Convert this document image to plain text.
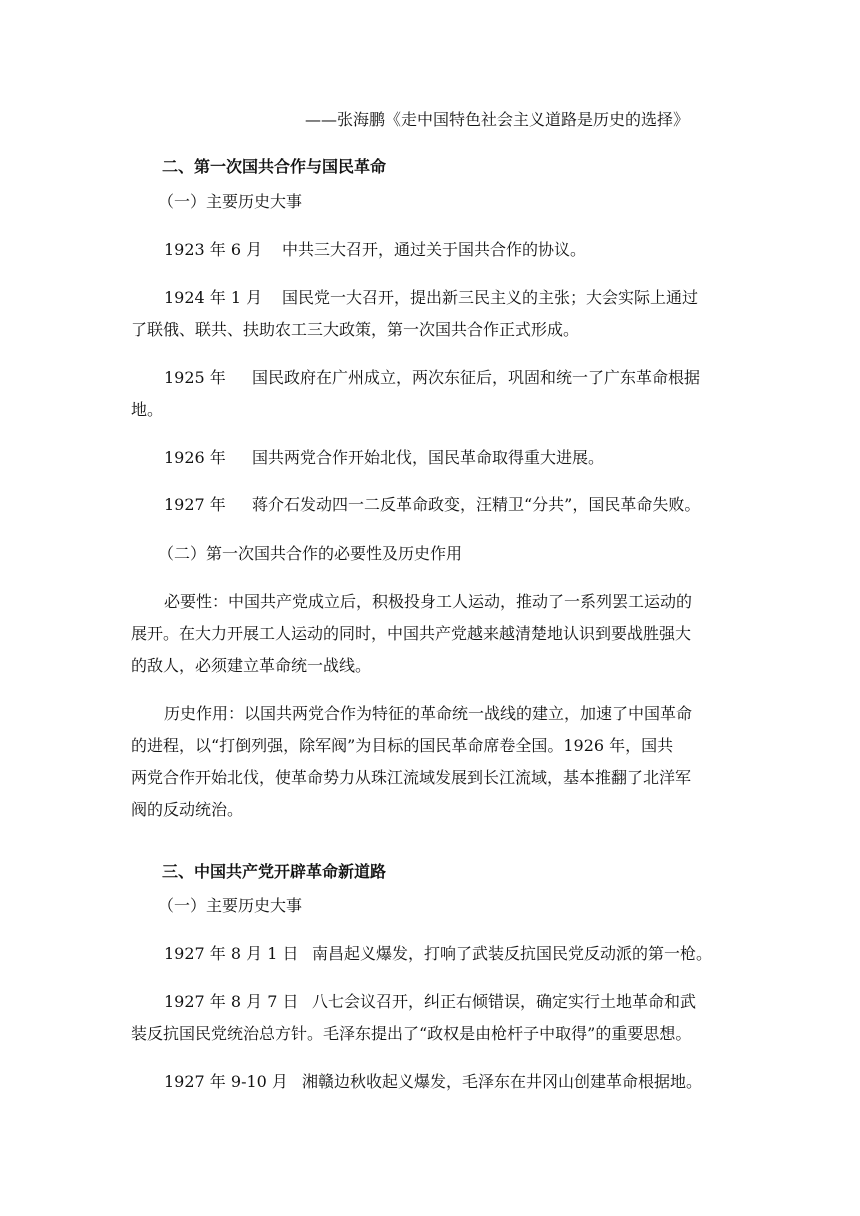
——张海鹏《走中国特色社会主义道路是历史的选择》
二、第一次国共合作与国民革命
（一）主要历史大事
1923 年 6 月 中共三大召开，通过关于国共合作的协议。
1924 年 1 月 国民党一大召开，提出新三民主义的主张；大会实际上通过
了联俄、联共、扶助农工三大政策，第一次国共合作正式形成。
1925 年 国民政府在广州成立，两次东征后，巩固和统一了广东革命根据
地。
1926 年 国共两党合作开始北伐，国民革命取得重大进展。
1927 年 蒋介石发动四一二反革命政变，汪精卫“分共”，国民革命失败。
（二）第一次国共合作的必要性及历史作用
必要性：中国共产党成立后，积极投身工人运动，推动了一系列罢工运动的
展开。在大力开展工人运动的同时，中国共产党越来越清楚地认识到要战胜强大
的敌人，必须建立革命统一战线。
历史作用：以国共两党合作为特征的革命统一战线的建立，加速了中国革命
的进程，以“打倒列强，除军阀”为目标的国民革命席卷全国。1926 年，国共
两党合作开始北伐，使革命势力从珠江流域发展到长江流域，基本推翻了北洋军
阀的反动统治。
三、中国共产党开辟革命新道路
（一）主要历史大事
1927 年 8 月 1 日 南昌起义爆发，打响了武装反抗国民党反动派的第一枪。
1927 年 8 月 7 日 八七会议召开，纠正右倾错误，确定实行土地革命和武
装反抗国民党统治总方针。毛泽东提出了“政权是由枪杆子中取得”的重要思想。
1927 年 9-10 月 湘赣边秋收起义爆发，毛泽东在井冈山创建革命根据地。
